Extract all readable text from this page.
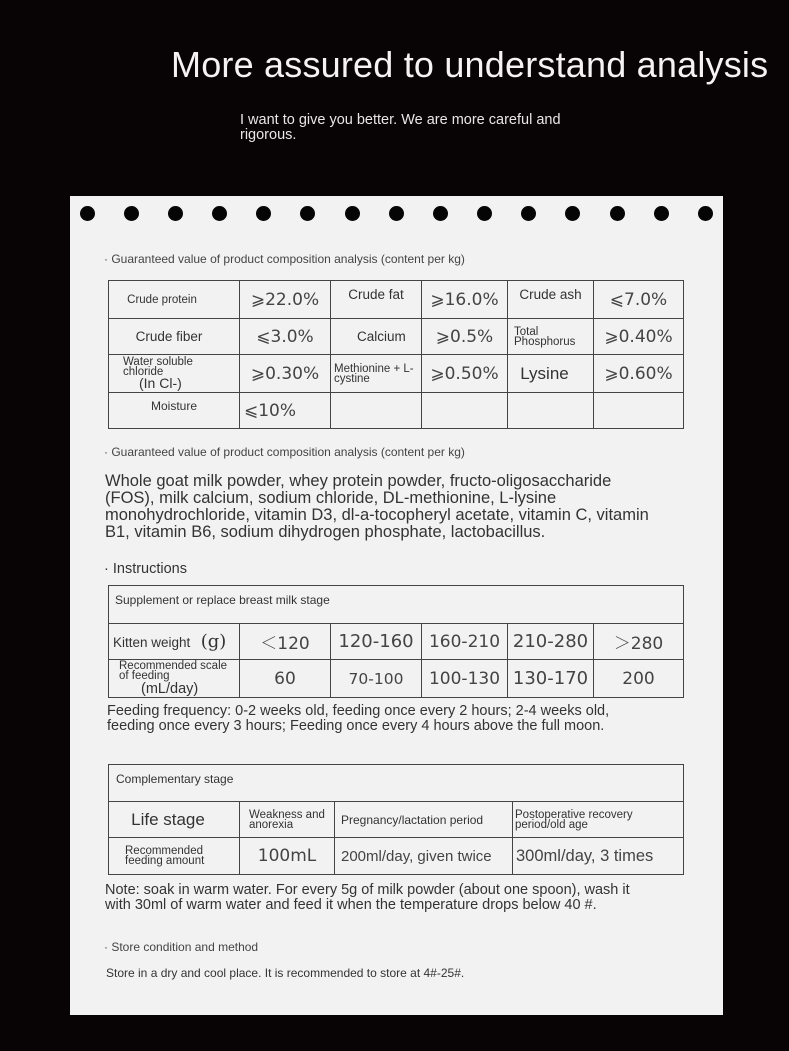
More assured to understand analysis
I want to give you better. We are more careful and rigorous.
· Guaranteed value of product composition analysis (content per kg)
Crude protein	⩾22.0%	Crude fat	⩾16.0%	Crude ash	⩽7.0%
Crude fiber	⩽3.0%	Calcium	⩾0.5%	Total Phosphorus	⩾0.40%

Water soluble chloride
(In Cl-)	⩾0.30%	Methionine + L-cystine	⩾0.50%	Lysine	⩾0.60%
Moisture	⩽10%				
· Guaranteed value of product composition analysis (content per kg)
Whole goat milk powder, whey protein powder, fructo-oligosaccharide (FOS), milk calcium, sodium chloride, DL-methionine, L-lysine monohydrochloride, vitamin D3, dl-a-tocopheryl acetate, vitamin C, vitamin B1, vitamin B6, sodium dihydrogen phosphate, lactobacillus.
· Instructions
Supplement or replace breast milk stage					
Kitten weight (g)	＜120	120-160	160-210	210-280	＞280

Recommended scale of feeding
(mL/day)	60	70-100	100-130	130-170	200
Feeding frequency: 0-2 weeks old, feeding once every 2 hours; 2-4 weeks old, feeding once every 3 hours; Feeding once every 4 hours above the full moon.
Complementary stage			
Life stage	Weakness and anorexia	Pregnancy/lactation period	Postoperative recovery period/old age
Recommended feeding amount	100mL	200ml/day, given twice	300ml/day, 3 times
Note: soak in warm water. For every 5g of milk powder (about one spoon), wash it with 30ml of warm water and feed it when the temperature drops below 40 #.
· Store condition and method
Store in a dry and cool place. It is recommended to store at 4#-25#.
